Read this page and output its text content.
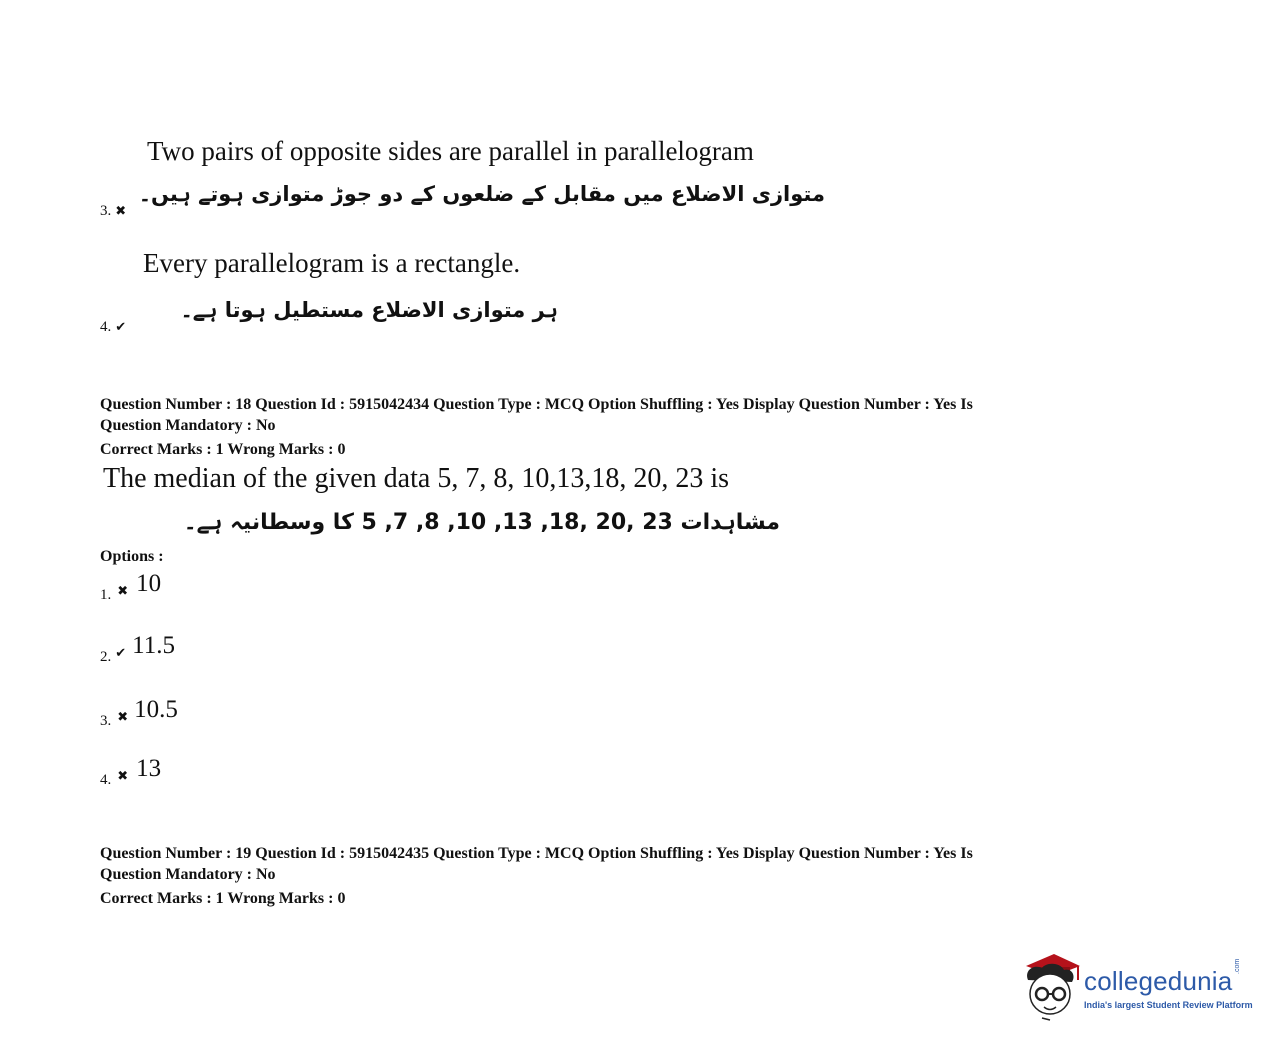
Two pairs of opposite sides are parallel in parallelogram
متوازی الاضلاع میں مقابل کے ضلعوں کے دو جوڑ متوازی ہوتے ہیں۔
3. ✖
Every parallelogram is a rectangle.
ہر متوازی الاضلاع مستطیل ہوتا ہے۔
4. ✔
Question Number : 18 Question Id : 5915042434 Question Type : MCQ Option Shuffling : Yes Display Question Number : Yes Is
Question Mandatory : No
Correct Marks : 1 Wrong Marks : 0
The median of the given data 5, 7, 8, 10,13,18, 20, 23 is
مشاہدات 23 ,20 ,18, 13, 10, 8, 7, 5 کا وسطانیہ ہے۔
Options :
1. ✖ 10
2. ✔ 11.5
3. ✖ 10.5
4. ✖ 13
Question Number : 19 Question Id : 5915042435 Question Type : MCQ Option Shuffling : Yes Display Question Number : Yes Is
Question Mandatory : No
Correct Marks : 1 Wrong Marks : 0
collegedunia .com
India's largest Student Review Platform
